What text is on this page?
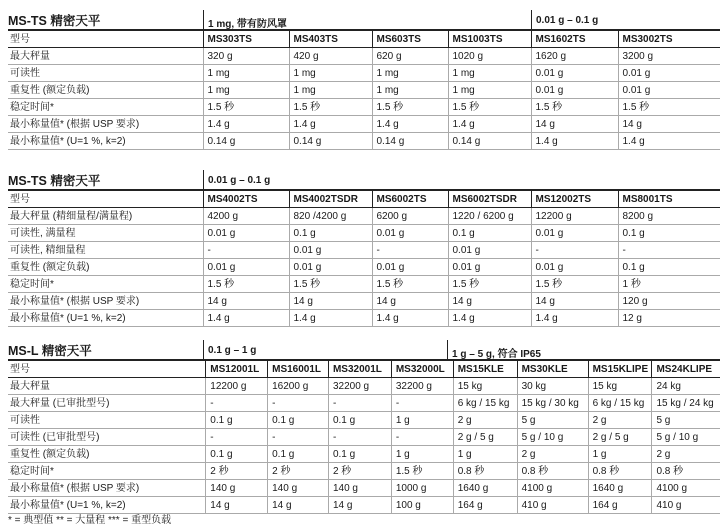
MS-TS 精密天平	1 mg, 带有防风罩	0.01 g – 0.1 g
型号	MS303TS	MS403TS	MS603TS	MS1003TS	MS1602TS	MS3002TS
最大秤量	320 g	420 g	620 g	1020 g	1620 g	3200 g
可读性	1 mg	1 mg	1 mg	1 mg	0.01 g	0.01 g
重复性 (额定负载)	1 mg	1 mg	1 mg	1 mg	0.01 g	0.01 g
稳定时间*	1.5 秒	1.5 秒	1.5 秒	1.5 秒	1.5 秒	1.5 秒
最小称量值* (根据 USP 要求)	1.4 g	1.4 g	1.4 g	1.4 g	14 g	14 g
最小称量值* (U=1 %, k=2)	0.14 g	0.14 g	0.14 g	0.14 g	1.4 g	1.4 g
MS-TS 精密天平	0.01 g – 0.1 g
型号	MS4002TS	MS4002TSDR	MS6002TS	MS6002TSDR	MS12002TS	MS8001TS
最大秤量 (精细量程/满量程)	4200 g	820 /4200 g	6200 g	1220 / 6200 g	12200 g	8200 g
可读性, 满量程	0.01 g	0.1 g	0.01 g	0.1 g	0.01 g	0.1 g
可读性, 精细量程	-	0.01 g	-	0.01 g	-	-
重复性 (额定负载)	0.01 g	0.01 g	0.01 g	0.01 g	0.01 g	0.1 g
稳定时间*	1.5 秒	1.5 秒	1.5 秒	1.5 秒	1.5 秒	1 秒
最小称量值* (根据 USP 要求)	14 g	14 g	14 g	14 g	14 g	120 g
最小称量值* (U=1 %, k=2)	1.4 g	1.4 g	1.4 g	1.4 g	1.4 g	12 g
MS-L 精密天平	0.1 g – 1 g	1 g – 5 g, 符合 IP65
型号	MS12001L	MS16001L	MS32001L	MS32000L	MS15KLE	MS30KLE	MS15KLIPE	MS24KLIPE
最大秤量	12200 g	16200 g	32200 g	32200 g	15 kg	30 kg	15 kg	24 kg
最大秤量 (已审批型号)	-	-	-	-	6 kg / 15 kg	15 kg / 30 kg	6 kg / 15 kg	15 kg / 24 kg
可读性	0.1 g	0.1 g	0.1 g	1 g	2 g	5 g	2 g	5 g
可读性 (已审批型号)	-	-	-	-	2 g / 5 g	5 g / 10 g	2 g / 5 g	5 g / 10 g
重复性 (额定负载)	0.1 g	0.1 g	0.1 g	1 g	1 g	2 g	1 g	2 g
稳定时间*	2 秒	2 秒	2 秒	1.5 秒	0.8 秒	0.8 秒	0.8 秒	0.8 秒
最小称量值* (根据 USP 要求)	140 g	140 g	140 g	1000 g	1640 g	4100 g	1640 g	4100 g
最小称量值* (U=1 %, k=2)	14 g	14 g	14 g	100 g	164 g	410 g	164 g	410 g
* = 典型值 ** = 大量程 *** = 重型负载
